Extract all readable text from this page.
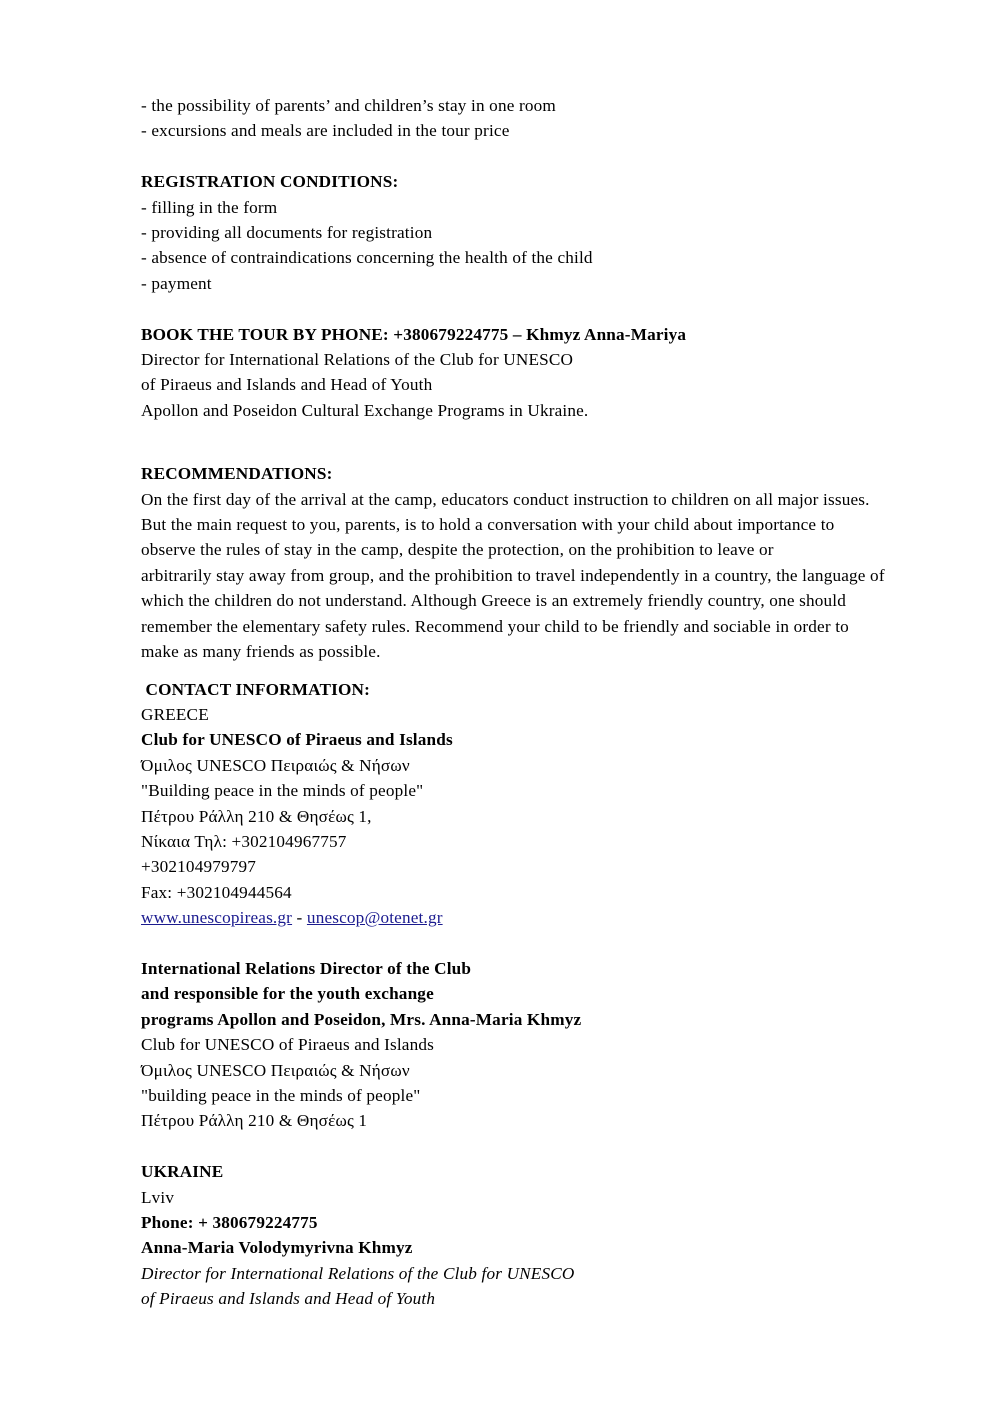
- the possibility of parents’ and children’s stay in one room
- excursions and meals are included in the tour price
REGISTRATION CONDITIONS:
- filling in the form
- providing all documents for registration
- absence of contraindications concerning the health of the child
- payment
BOOK THE TOUR BY PHONE: +380679224775 – Khmyz Anna-Mariya
Director for International Relations of the Club for UNESCO
of Piraeus and Islands and Head of Youth
Apollon and Poseidon Cultural Exchange Programs in Ukraine.
RECOMMENDATIONS:
On the first day of the arrival at the camp, educators conduct instruction to children on all major issues.
But the main request to you, parents, is to hold a conversation with your child about importance to
observe the rules of stay in the camp, despite the protection, on the prohibition to leave or
arbitrarily stay away from group, and the prohibition to travel independently in a country, the language of
which the children do not understand. Although Greece is an extremely friendly country, one should
remember the elementary safety rules. Recommend your child to be friendly and sociable in order to
make as many friends as possible.
CONTACT INFORMATION:
GREECE
Club for UNESCO of Piraeus and Islands
Όμιλος UNESCO Πειραιώς & Νήσων
"Building peace in the minds of people"
Πέτρου Ράλλη 210 & Θησέως 1,
Νίκαια Τηλ: +302104967757
+302104979797
Fax: +302104944564
www.unescopireas.gr - unescop@otenet.gr
International Relations Director of the Club
and responsible for the youth exchange
programs Apollon and Poseidon, Mrs. Anna-Maria Khmyz
Club for UNESCO of Piraeus and Islands
Όμιλος UNESCO Πειραιώς & Νήσων
"building peace in the minds of people"
Πέτρου Ράλλη 210 & Θησέως 1
UKRAINE
Lviv
Phone: + 380679224775
Anna-Maria Volodymyrivna Khmyz
Director for International Relations of the Club for UNESCO
of Piraeus and Islands and Head of Youth
